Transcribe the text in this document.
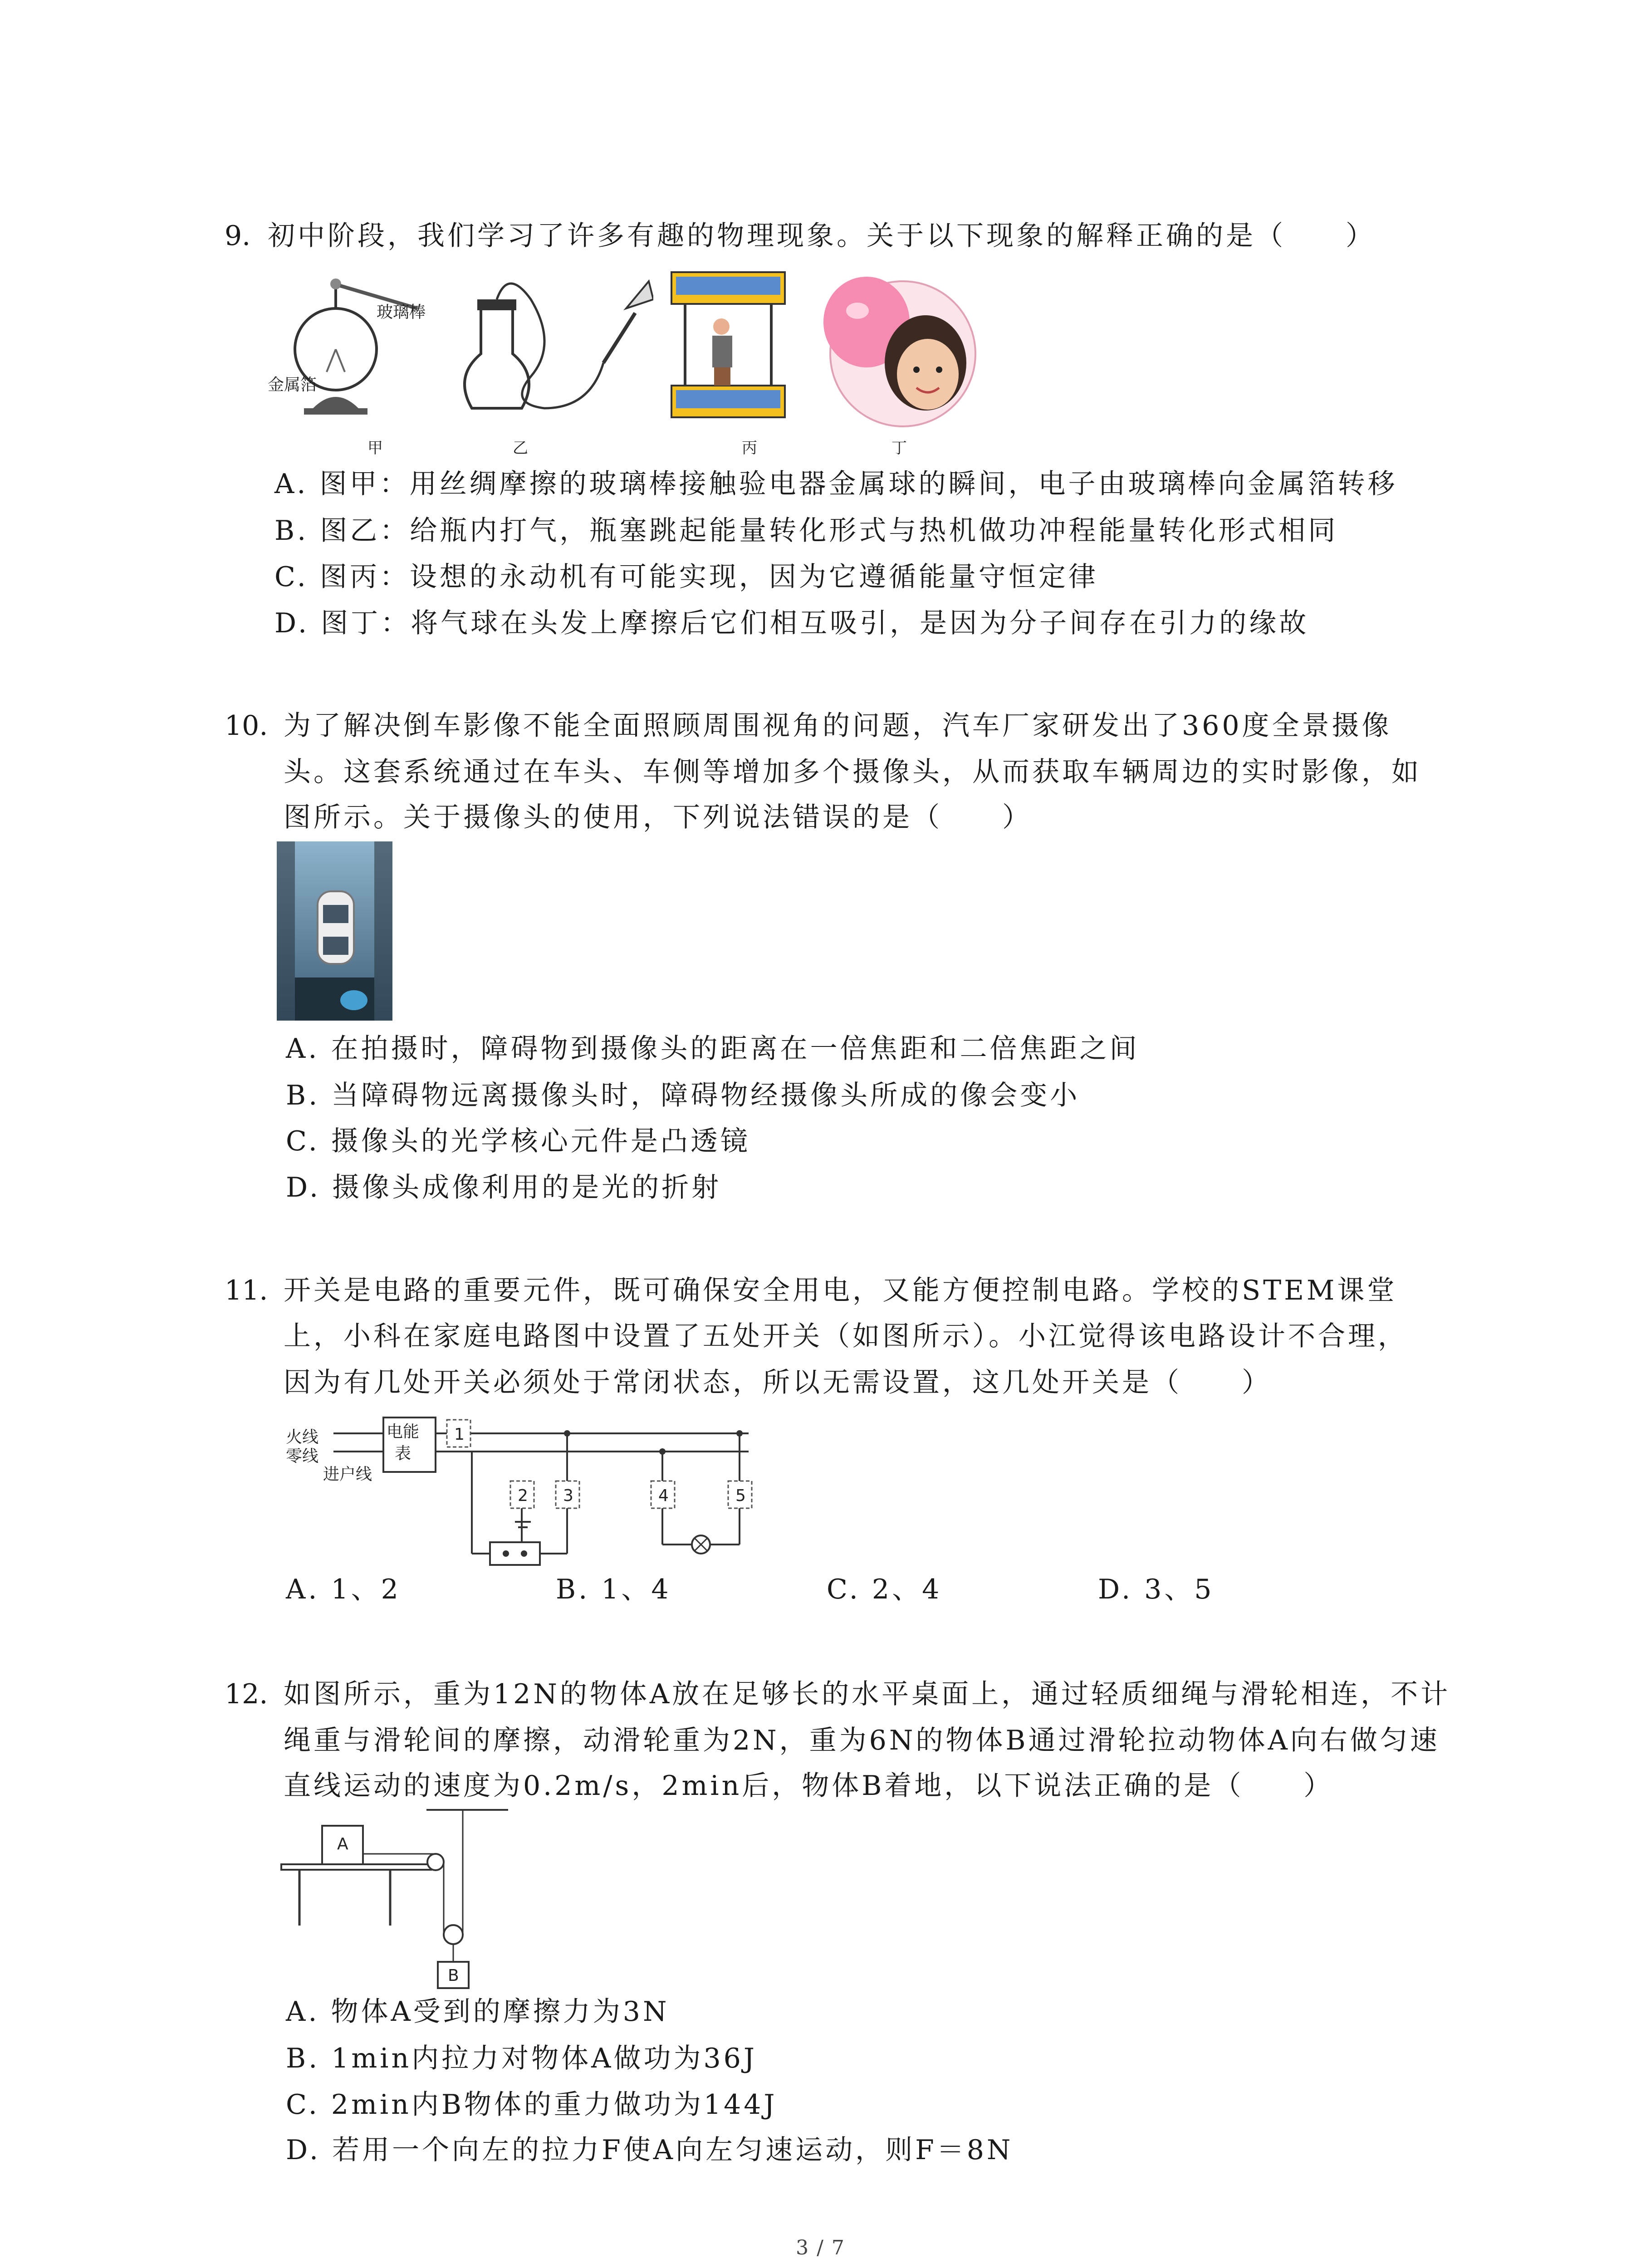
9. 初中阶段，我们学习了许多有趣的物理现象。关于以下现象的解释正确的是（　　）
玻璃棒
金属箔
甲	乙	丙	丁
A. 图甲：用丝绸摩擦的玻璃棒接触验电器金属球的瞬间，电子由玻璃棒向金属箔转移
B. 图乙：给瓶内打气，瓶塞跳起能量转化形式与热机做功冲程能量转化形式相同
C. 图丙：设想的永动机有可能实现，因为它遵循能量守恒定律
D. 图丁：将气球在头发上摩擦后它们相互吸引，是因为分子间存在引力的缘故
10. 为了解决倒车影像不能全面照顾周围视角的问题，汽车厂家研发出了360度全景摄像
头。这套系统通过在车头、车侧等增加多个摄像头，从而获取车辆周边的实时影像，如
图所示。关于摄像头的使用，下列说法错误的是（　　）
A. 在拍摄时，障碍物到摄像头的距离在一倍焦距和二倍焦距之间
B. 当障碍物远离摄像头时，障碍物经摄像头所成的像会变小
C. 摄像头的光学核心元件是凸透镜
D. 摄像头成像利用的是光的折射
11. 开关是电路的重要元件，既可确保安全用电，又能方便控制电路。学校的STEM课堂
上，小科在家庭电路图中设置了五处开关（如图所示）。小江觉得该电路设计不合理，
因为有几处开关必须处于常闭状态，所以无需设置，这几处开关是（　　）
火线
零线
电能
表
进户线
1
2 3	4	5
A. 1、2	B. 1、4	C. 2、4	D. 3、5
12. 如图所示，重为12N的物体A放在足够长的水平桌面上，通过轻质细绳与滑轮相连，不计
绳重与滑轮间的摩擦，动滑轮重为2N，重为6N的物体B通过滑轮拉动物体A向右做匀速
直线运动的速度为0.2m/s，2min后，物体B着地，以下说法正确的是（　　）
A
B
A. 物体A受到的摩擦力为3N
B. 1min内拉力对物体A做功为36J
C. 2min内B物体的重力做功为144J
D. 若用一个向左的拉力F使A向左匀速运动，则F＝8N
3 / 7
